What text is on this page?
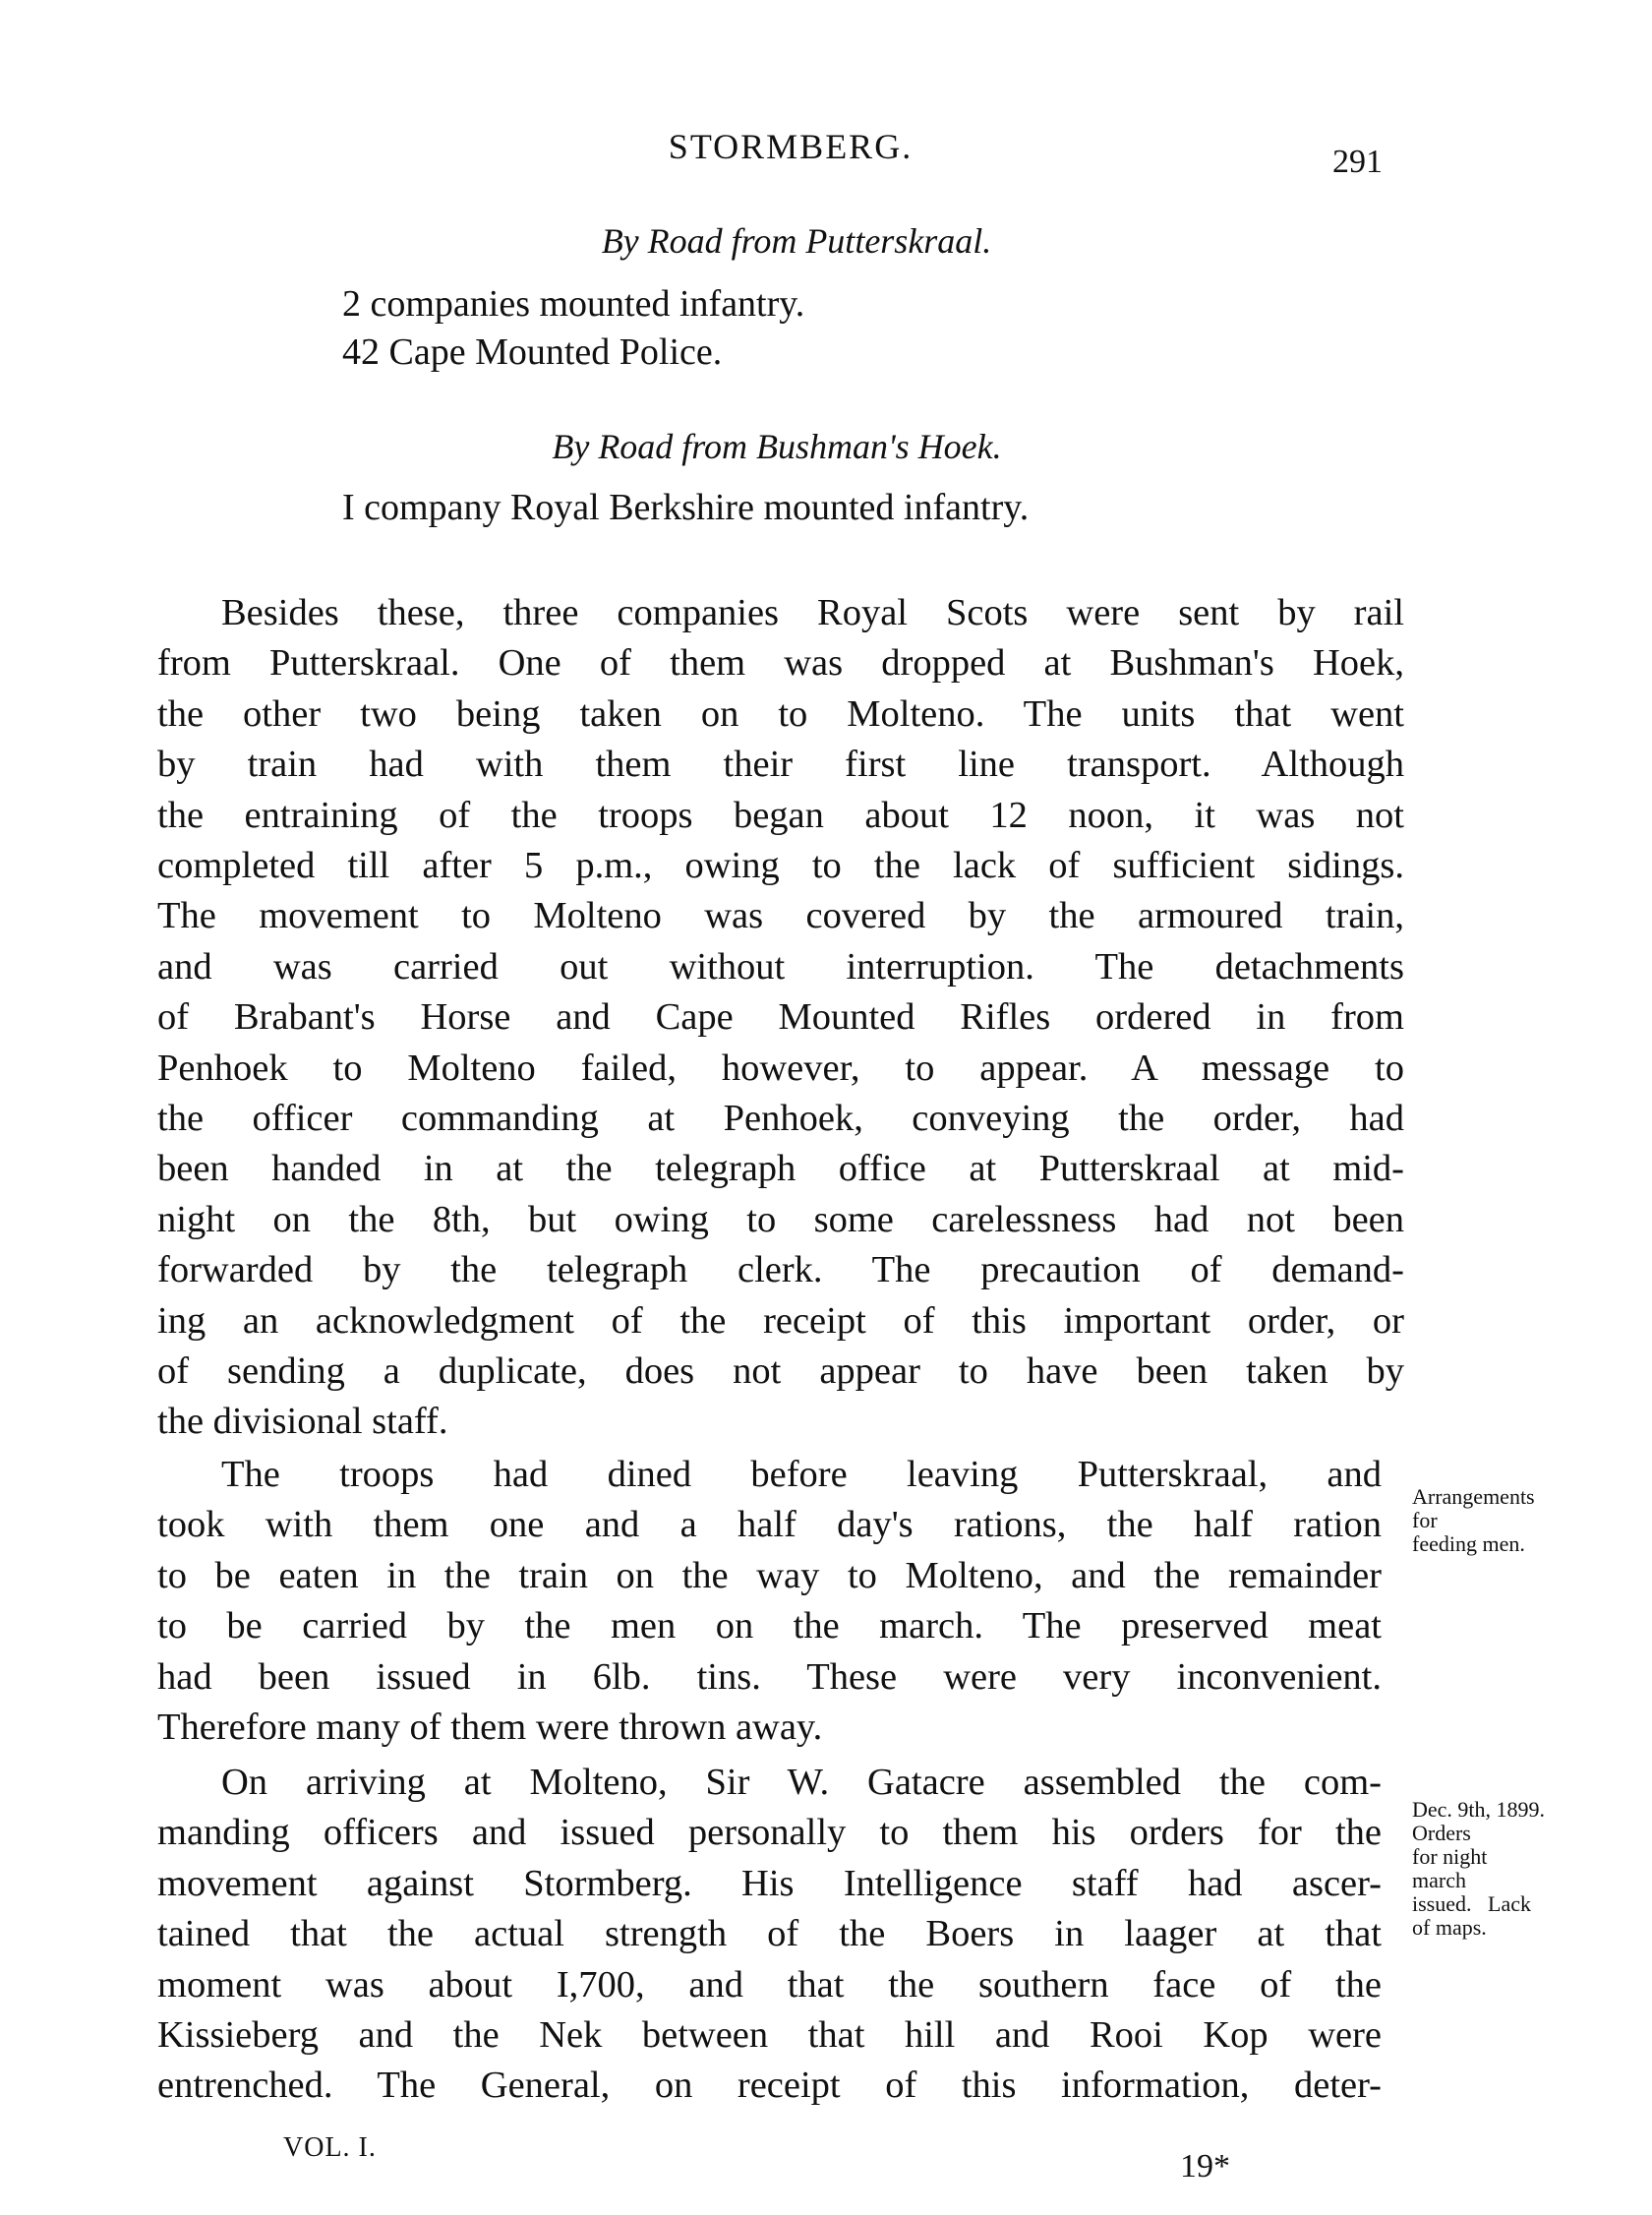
STORMBERG.	291
By Road from Putterskraal.
2 companies mounted infantry.
42 Cape Mounted Police.
By Road from Bushman's Hoek.
I company Royal Berkshire mounted infantry.
Besides these, three companies Royal Scots were sent by rail
from Putterskraal. One of them was dropped at Bushman's Hoek,
the other two being taken on to Molteno. The units that went
by train had with them their first line transport. Although
the entraining of the troops began about 12 noon, it was not
completed till after 5 p.m., owing to the lack of sufficient sidings.
The movement to Molteno was covered by the armoured train,
and was carried out without interruption. The detachments
of Brabant's Horse and Cape Mounted Rifles ordered in from
Penhoek to Molteno failed, however, to appear. A message to
the officer commanding at Penhoek, conveying the order, had
been handed in at the telegraph office at Putterskraal at mid-
night on the 8th, but owing to some carelessness had not been
forwarded by the telegraph clerk. The precaution of demand-
ing an acknowledgment of the receipt of this important order, or
of sending a duplicate, does not appear to have been taken by
the divisional staff.
The troops had dined before leaving Putterskraal, and
took with them one and a half day's rations, the half ration
to be eaten in the train on the way to Molteno, and the remainder
to be carried by the men on the march. The preserved meat
had been issued in 6lb. tins. These were very inconvenient.
Therefore many of them were thrown away.
On arriving at Molteno, Sir W. Gatacre assembled the com-
manding officers and issued personally to them his orders for the
movement against Stormberg. His Intelligence staff had ascer-
tained that the actual strength of the Boers in laager at that
moment was about I,700, and that the southern face of the
Kissieberg and the Nek between that hill and Rooi Kop were
entrenched. The General, on receipt of this information, deter-
Arrangements
for
feeding men.
Dec. 9th, 1899.
Orders
for night
march
issued.   Lack
of maps.
VOL. I.
19*
